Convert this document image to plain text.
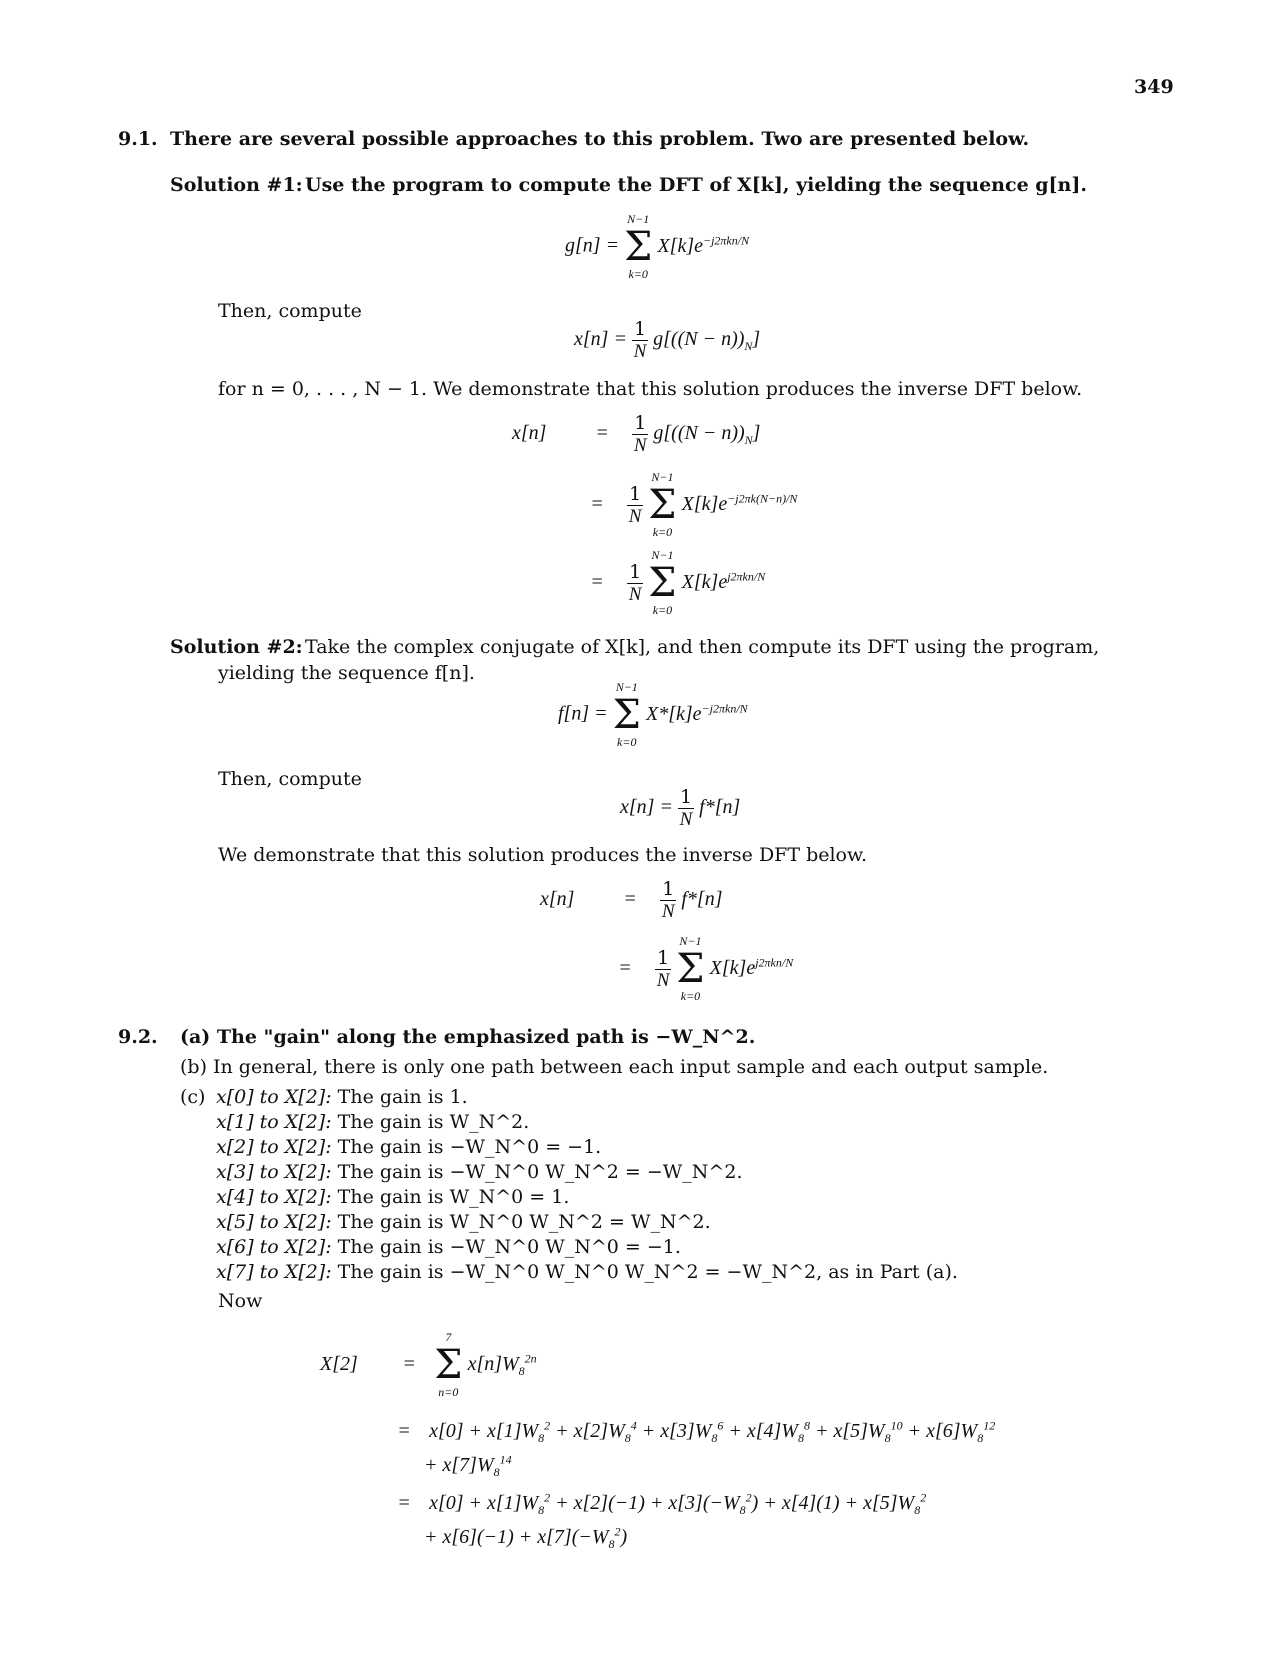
349
9.1. There are several possible approaches to this problem. Two are presented below.
Solution #1: Use the program to compute the DFT of X[k], yielding the sequence g[n].
g[n] =
N−1
Σ
k=0
$X[k]e^{-j2\pi kn/N}$
Then, compute
$x[n] = \frac{1}{N} g[((N - n))_N]$
for n = 0, . . . , N − 1. We demonstrate that this solution produces the inverse DFT below.
$x[n] = \frac{1}{N} g[((N - n))_N]$
= $\frac{1}{N}$

N−1
Σ
k=0
$X[k]e^{-j2\pi k(N-n)/N}$
= $\frac{1}{N}$

N−1
Σ
k=0
$X[k]e^{j2\pi kn/N}$
Solution #2: Take the complex conjugate of X[k], and then compute its DFT using the program,
yielding the sequence f[n].
f[n] =
N−1
Σ
k=0
$X*[k]e^{-j2\pi kn/N}$
Then, compute
$x[n] = \frac{1}{N} f*[n]$
We demonstrate that this solution produces the inverse DFT below.
$x[n] = \frac{1}{N} f*[n]$
= $\frac{1}{N}$

N−1
Σ
k=0
$X[k]e^{j2\pi kn/N}$
9.2. (a) The "gain" along the emphasized path is −W_N^2.
(b) In general, there is only one path between each input sample and each output sample.
(c) x[0] to X[2]: The gain is 1.
x[1] to X[2]: The gain is W_N^2.
x[2] to X[2]: The gain is −W_N^0 = −1.
x[3] to X[2]: The gain is −W_N^0 W_N^2 = −W_N^2.
x[4] to X[2]: The gain is W_N^0 = 1.
x[5] to X[2]: The gain is W_N^0 W_N^2 = W_N^2.
x[6] to X[2]: The gain is −W_N^0 W_N^0 = −1.
x[7] to X[2]: The gain is −W_N^0 W_N^0 W_N^2 = −W_N^2, as in Part (a).
Now
X[2] =
7
Σ
n=0
$x[n]W_8^{2n}$
= $x[0] + x[1]W_8^2 + x[2]W_8^4 + x[3]W_8^6 + x[4]W_8^8 + x[5]W_8^{10} + x[6]W_8^{12}$
+ $x[7]W_8^{14}$
= $x[0] + x[1]W_8^2 + x[2](-1) + x[3](-W_8^2) + x[4](1) + x[5]W_8^2$
+ $x[6](-1) + x[7](-W_8^2)$
